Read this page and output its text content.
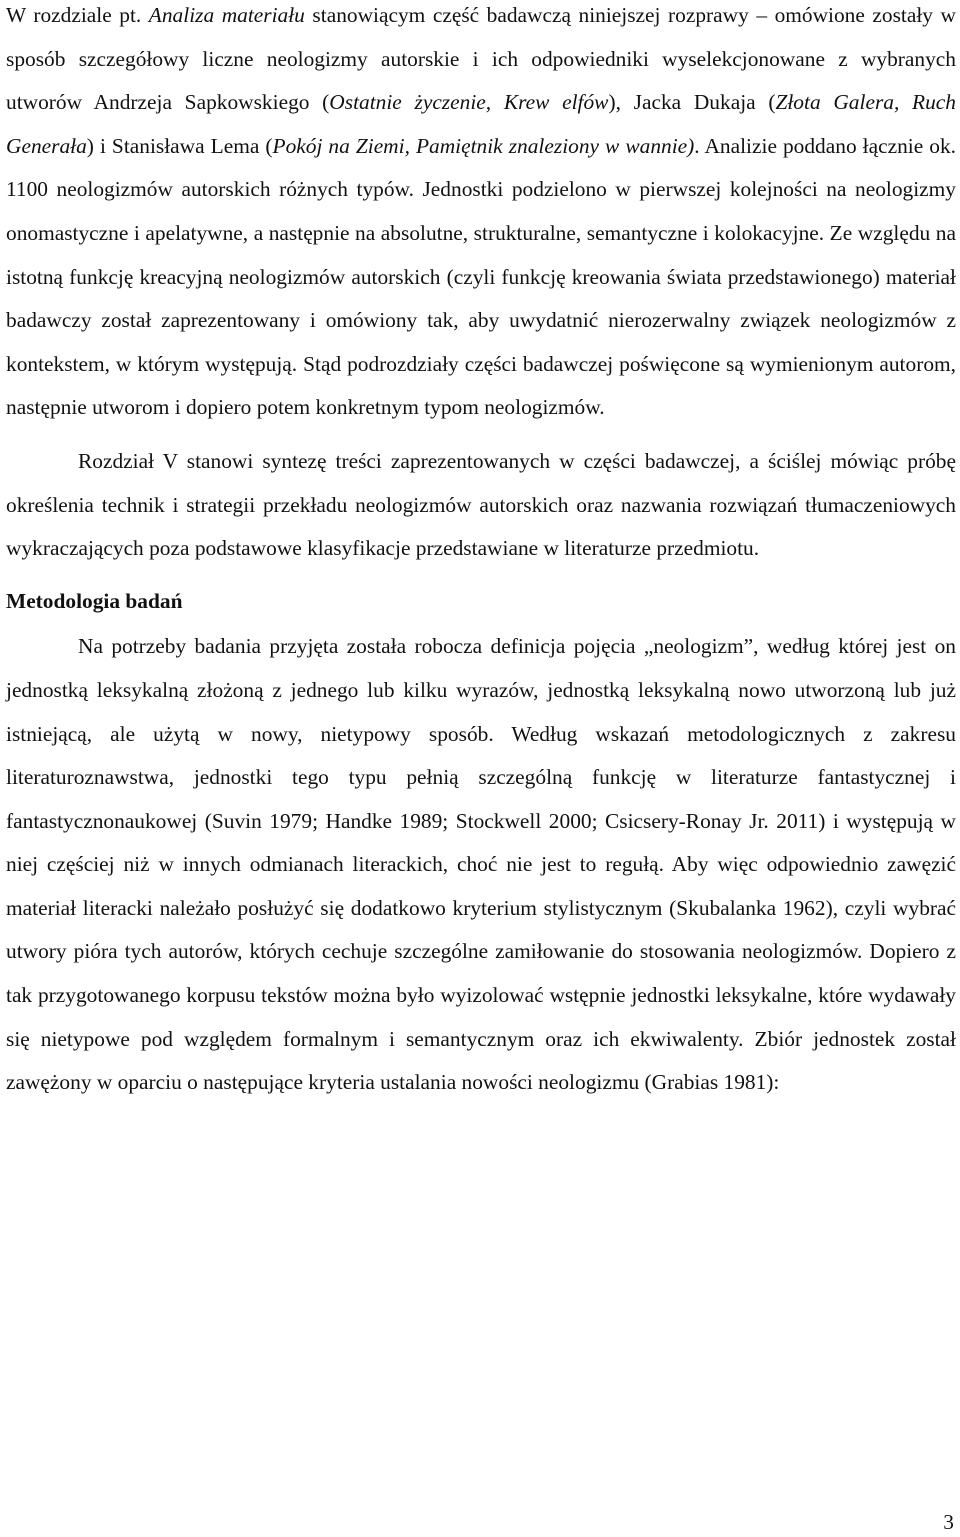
W rozdziale pt. Analiza materiału stanowiącym część badawczą niniejszej rozprawy – omówione zostały w sposób szczegółowy liczne neologizmy autorskie i ich odpowiedniki wyselekcjonowane z wybranych utworów Andrzeja Sapkowskiego (Ostatnie życzenie, Krew elfów), Jacka Dukaja (Złota Galera, Ruch Generała) i Stanisława Lema (Pokój na Ziemi, Pamiętnik znaleziony w wannie). Analizie poddano łącznie ok. 1100 neologizmów autorskich różnych typów. Jednostki podzielono w pierwszej kolejności na neologizmy onomastyczne i apelatywne, a następnie na absolutne, strukturalne, semantyczne i kolokacyjne. Ze względu na istotną funkcję kreacyjną neologizmów autorskich (czyli funkcję kreowania świata przedstawionego) materiał badawczy został zaprezentowany i omówiony tak, aby uwydatnić nierozerwalny związek neologizmów z kontekstem, w którym występują. Stąd podrozdziały części badawczej poświęcone są wymienionym autorom, następnie utworom i dopiero potem konkretnym typom neologizmów.

Rozdział V stanowi syntezę treści zaprezentowanych w części badawczej, a ściślej mówiąc próbę określenia technik i strategii przekładu neologizmów autorskich oraz nazwania rozwiązań tłumaczeniowych wykraczających poza podstawowe klasyfikacje przedstawiane w literaturze przedmiotu.

Metodologia badań

Na potrzeby badania przyjęta została robocza definicja pojęcia „neologizm”, według której jest on jednostką leksykalną złożoną z jednego lub kilku wyrazów, jednostką leksykalną nowo utworzoną lub już istniejącą, ale użytą w nowy, nietypowy sposób. Według wskazań metodologicznych z zakresu literaturoznawstwa, jednostki tego typu pełnią szczególną funkcję w literaturze fantastycznej i fantastycznonaukowej (Suvin 1979; Handke 1989; Stockwell 2000; Csicsery-Ronay Jr. 2011) i występują w niej częściej niż w innych odmianach literackich, choć nie jest to regułą. Aby więc odpowiednio zawęzić materiał literacki należało posłużyć się dodatkowo kryterium stylistycznym (Skubalanka 1962), czyli wybrać utwory pióra tych autorów, których cechuje szczególne zamiłowanie do stosowania neologizmów. Dopiero z tak przygotowanego korpusu tekstów można było wyizolować wstępnie jednostki leksykalne, które wydawały się nietypowe pod względem formalnym i semantycznym oraz ich ekwiwalenty. Zbiór jednostek został zawężony w oparciu o następujące kryteria ustalania nowości neologizmu (Grabias 1981):

3
